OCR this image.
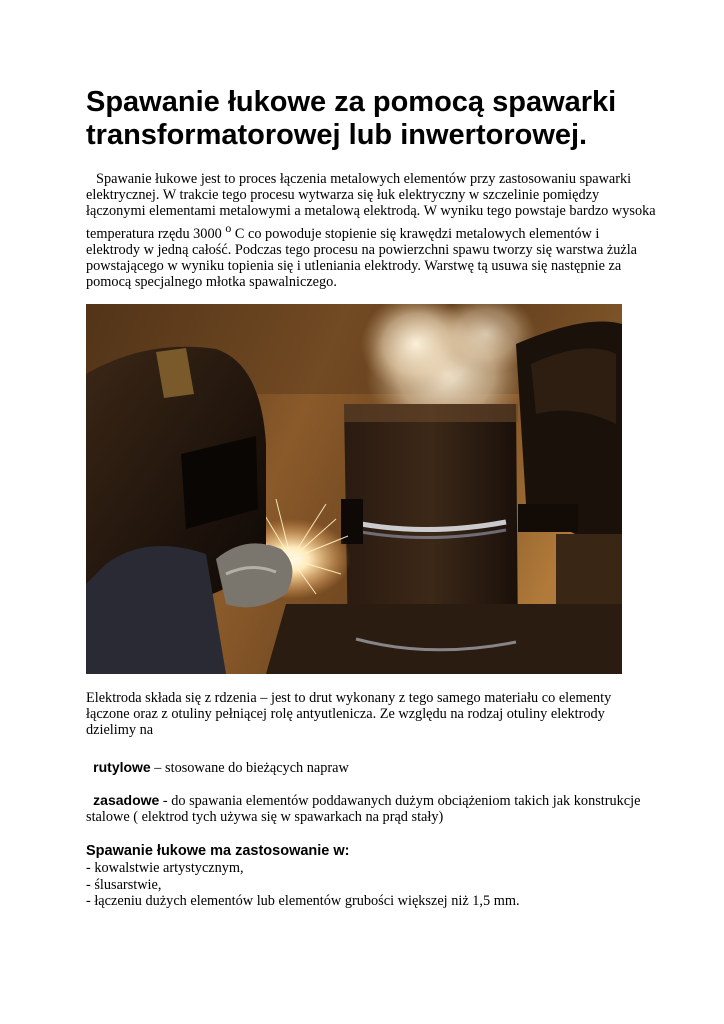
Spawanie łukowe za pomocą spawarki transformatorowej lub inwertorowej.

Spawanie łukowe jest to proces łączenia metalowych elementów przy zastosowaniu spawarki elektrycznej. W trakcie tego procesu wytwarza się łuk elektryczny w szczelinie pomiędzy łączonymi elementami metalowymi a metalową elektrodą. W wyniku tego powstaje bardzo wysoka temperatura rzędu 3000 $^o$ C co powoduje stopienie się krawędzi metalowych elementów i elektrody w jedną całość. Podczas tego procesu na powierzchni spawu tworzy się warstwa żużla powstającego w wyniku topienia się i utleniania elektrody. Warstwę tą usuwa się następnie za pomocą specjalnego młotka spawalniczego.

Elektroda składa się z rdzenia – jest to drut wykonany z tego samego materiału co elementy łączone oraz z otuliny pełniącej rolę antyutlenicza. Ze względu na rodzaj otuliny elektrody dzielimy na

rutylowe – stosowane do bieżących napraw

zasadowe - do spawania elementów poddawanych dużym obciążeniom takich jak konstrukcje stalowe ( elektrod tych używa się w spawarkach na prąd stały)

Spawanie łukowe ma zastosowanie w:
- kowalstwie artystycznym,
- ślusarstwie,
- łączeniu dużych elementów lub elementów grubości większej niż 1,5 mm.
